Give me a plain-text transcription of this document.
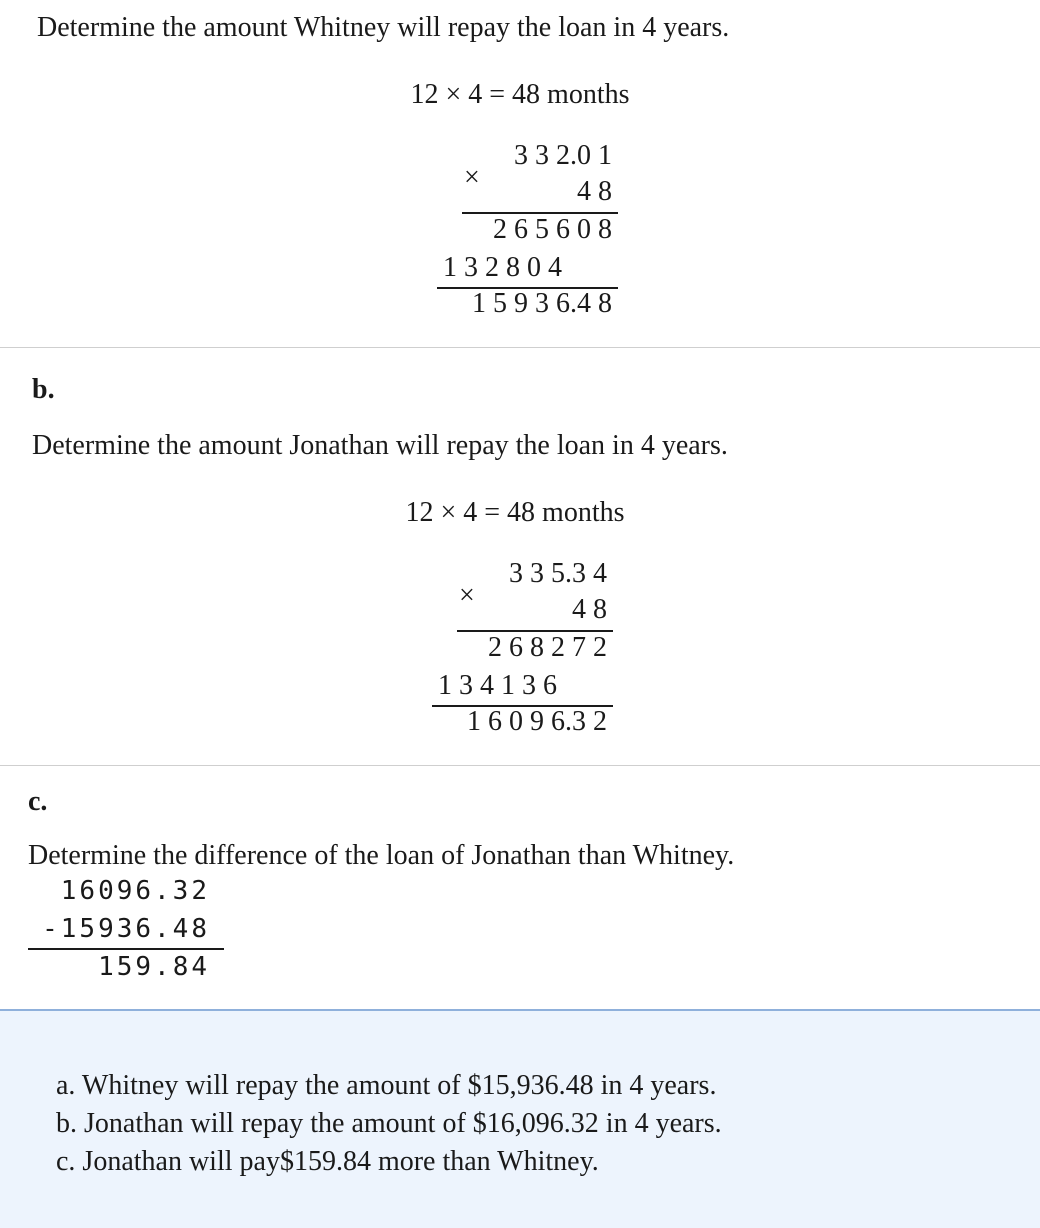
Determine the amount Whitney will repay the loan in 4 years.
12 × 4 = 48 months
3 3 2.0 1
×	4 8
2 6 5 6 0 8
1 3 2 8 0 4
1 5 9 3 6.4 8
b.
Determine the amount Jonathan will repay the loan in 4 years.
12 × 4 = 48 months
3 3 5.3 4
×	4 8
2 6 8 2 7 2
1 3 4 1 3 6
1 6 0 9 6.3 2
c.
Determine the difference of the loan of Jonathan than Whitney.
16096.32
-15936.48
159.84
a. Whitney will repay the amount of $15,936.48 in 4 years.
b. Jonathan will repay the amount of $16,096.32 in 4 years.
c. Jonathan will pay$159.84 more than Whitney.
